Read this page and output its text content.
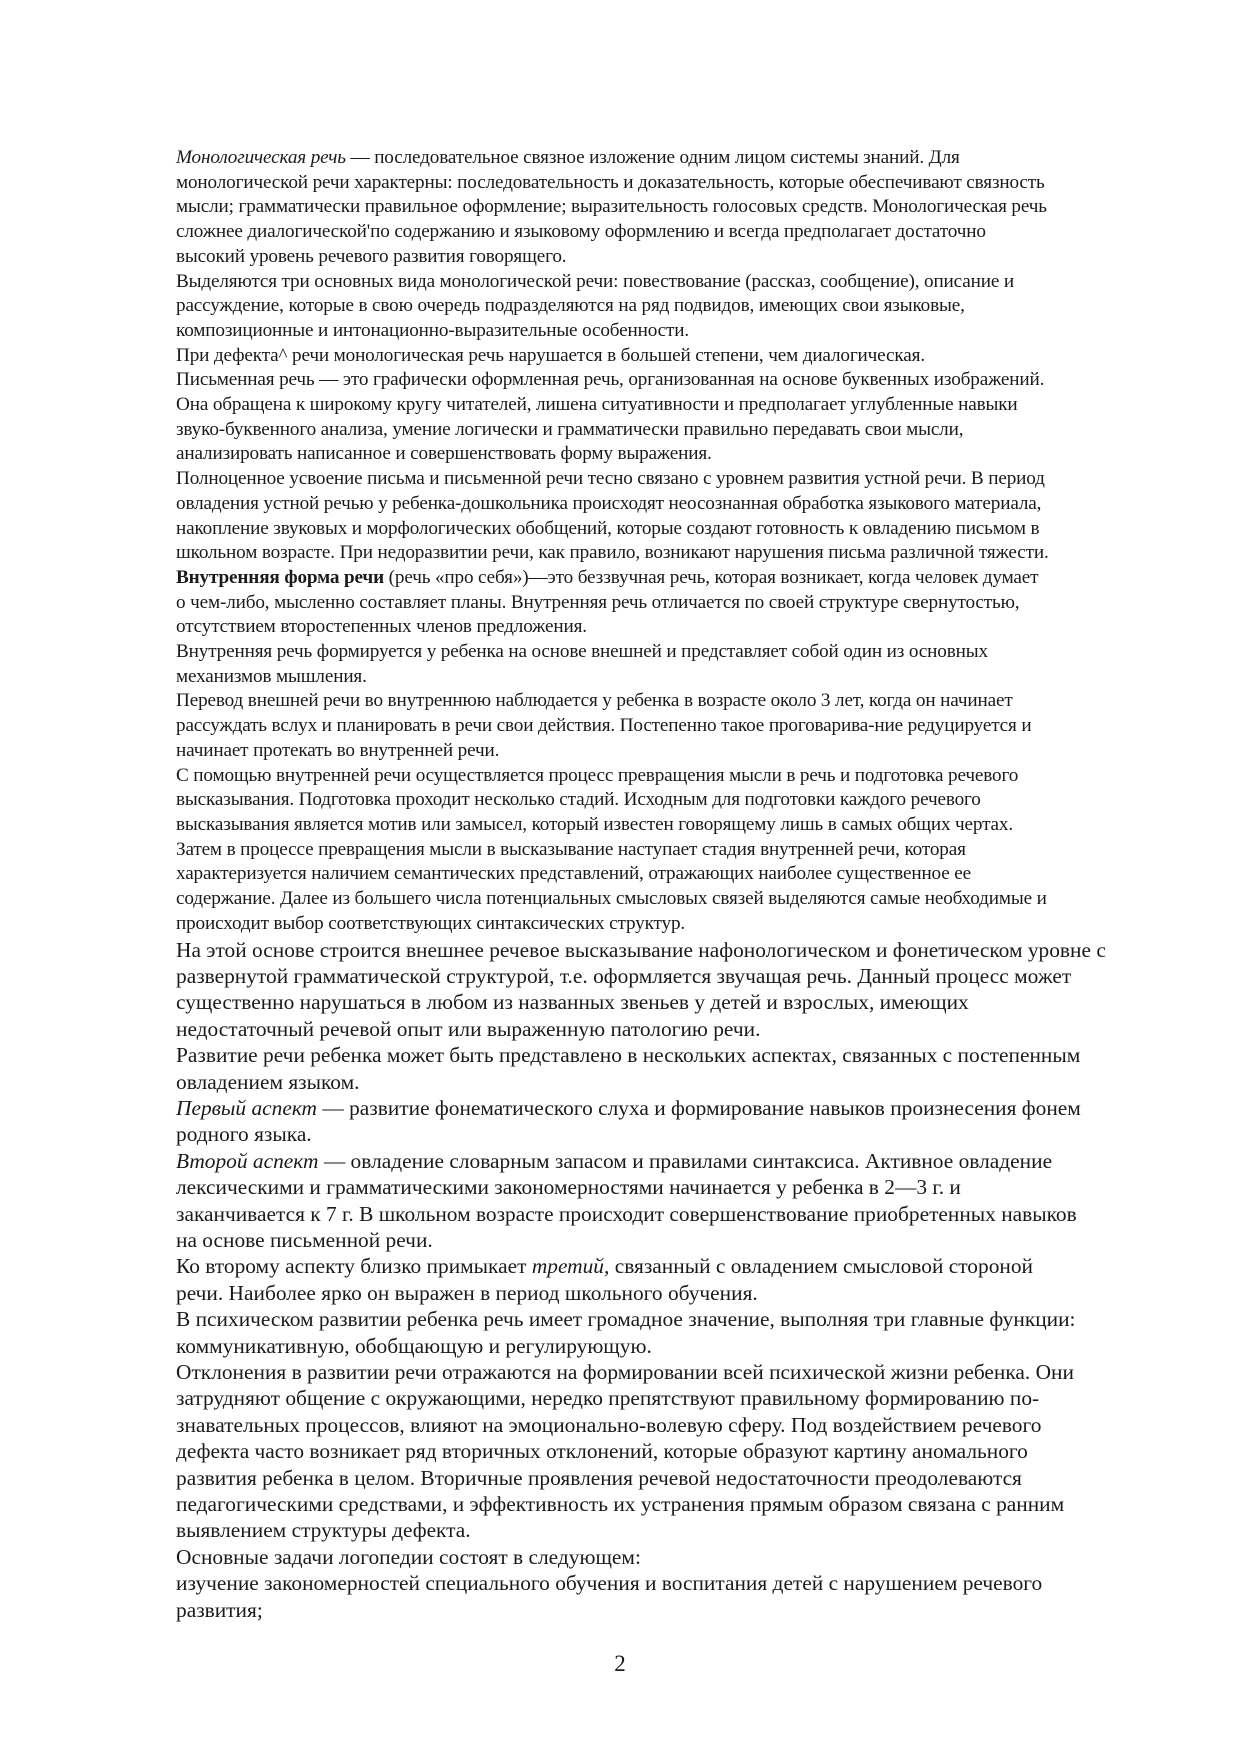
Монологическая речь — последовательное связное изложение одним лицом системы знаний. Для
монологической речи характерны: последовательность и доказательность, которые обеспечивают связность
мысли; грамматически правильное оформление; выразительность голосовых средств. Монологическая речь
сложнее диалогической'по содержанию и языковому оформлению и всегда предполагает достаточно
высокий уровень речевого развития говорящего.

Выделяются три основных вида монологической речи: повествование (рассказ, сообщение), описание и
рассуждение, которые в свою очередь подразделяются на ряд подвидов, имеющих свои языковые,
композиционные и интонационно-выразительные особенности.

При дефекта^ речи монологическая речь нарушается в большей степени, чем диалогическая.

Письменная речь — это графически оформленная речь, организованная на основе буквенных изображений.
Она обращена к широкому кругу читателей, лишена ситуативности и предполагает углубленные навыки
звуко-буквенного анализа, умение логически и грамматически правильно передавать свои мысли,
анализировать написанное и совершенствовать форму выражения.

Полноценное усвоение письма и письменной речи тесно связано с уровнем развития устной речи. В период
овладения устной речью у ребенка-дошкольника происходят неосознанная обработка языкового материала,
накопление звуковых и морфологических обобщений, которые создают готовность к овладению письмом в
школьном возрасте. При недоразвитии речи, как правило, возникают нарушения письма различной тяжести.

Внутренняя форма речи (речь «про себя»)—это беззвучная речь, которая возникает, когда человек думает
о чем-либо, мысленно составляет планы. Внутренняя речь отличается по своей структуре свернутостью,
отсутствием второстепенных членов предложения.

Внутренняя речь формируется у ребенка на основе внешней и представляет собой один из основных
механизмов мышления.

Перевод внешней речи во внутреннюю наблюдается у ребенка в возрасте около 3 лет, когда он начинает
рассуждать вслух и планировать в речи свои действия. Постепенно такое проговарива-ние редуцируется и
начинает протекать во внутренней речи.

С помощью внутренней речи осуществляется процесс превращения мысли в речь и подготовка речевого
высказывания. Подготовка проходит несколько стадий. Исходным для подготовки каждого речевого
высказывания является мотив или замысел, который известен говорящему лишь в самых общих чертах.
Затем в процессе превращения мысли в высказывание наступает стадия внутренней речи, которая
характеризуется наличием семантических представлений, отражающих наиболее существенное ее
содержание. Далее из большего числа потенциальных смысловых связей выделяются самые необходимые и
происходит выбор соответствующих синтаксических структур.

На этой основе строится внешнее речевое высказывание нафонологическом и фонетическом уровне с
развернутой грамматической структурой, т.е. оформляется звучащая речь. Данный процесс может
существенно нарушаться в любом из названных звеньев у детей и взрослых, имеющих
недостаточный речевой опыт или выраженную патологию речи.

Развитие речи ребенка может быть представлено в нескольких аспектах, связанных с постепенным
овладением языком.

Первый аспект — развитие фонематического слуха и формирование навыков произнесения фонем
родного языка.

Второй аспект — овладение словарным запасом и правилами синтаксиса. Активное овладение
лексическими и грамматическими закономерностями начинается у ребенка в 2—3 г. и
заканчивается к 7 г. В школьном возрасте происходит совершенствование приобретенных навыков
на основе письменной речи.

Ко второму аспекту близко примыкает третий, связанный с овладением смысловой стороной
речи. Наиболее ярко он выражен в период школьного обучения.

В психическом развитии ребенка речь имеет громадное значение, выполняя три главные функции:
коммуникативную, обобщающую и регулирующую.

Отклонения в развитии речи отражаются на формировании всей психической жизни ребенка. Они
затрудняют общение с окружающими, нередко препятствуют правильному формированию по-
знавательных процессов, влияют на эмоционально-волевую сферу. Под воздействием речевого
дефекта часто возникает ряд вторичных отклонений, которые образуют картину аномального
развития ребенка в целом. Вторичные проявления речевой недостаточности преодолеваются
педагогическими средствами, и эффективность их устранения прямым образом связана с ранним
выявлением структуры дефекта.

Основные задачи логопедии состоят в следующем:

изучение закономерностей специального обучения и воспитания детей с нарушением речевого
развития;

2
